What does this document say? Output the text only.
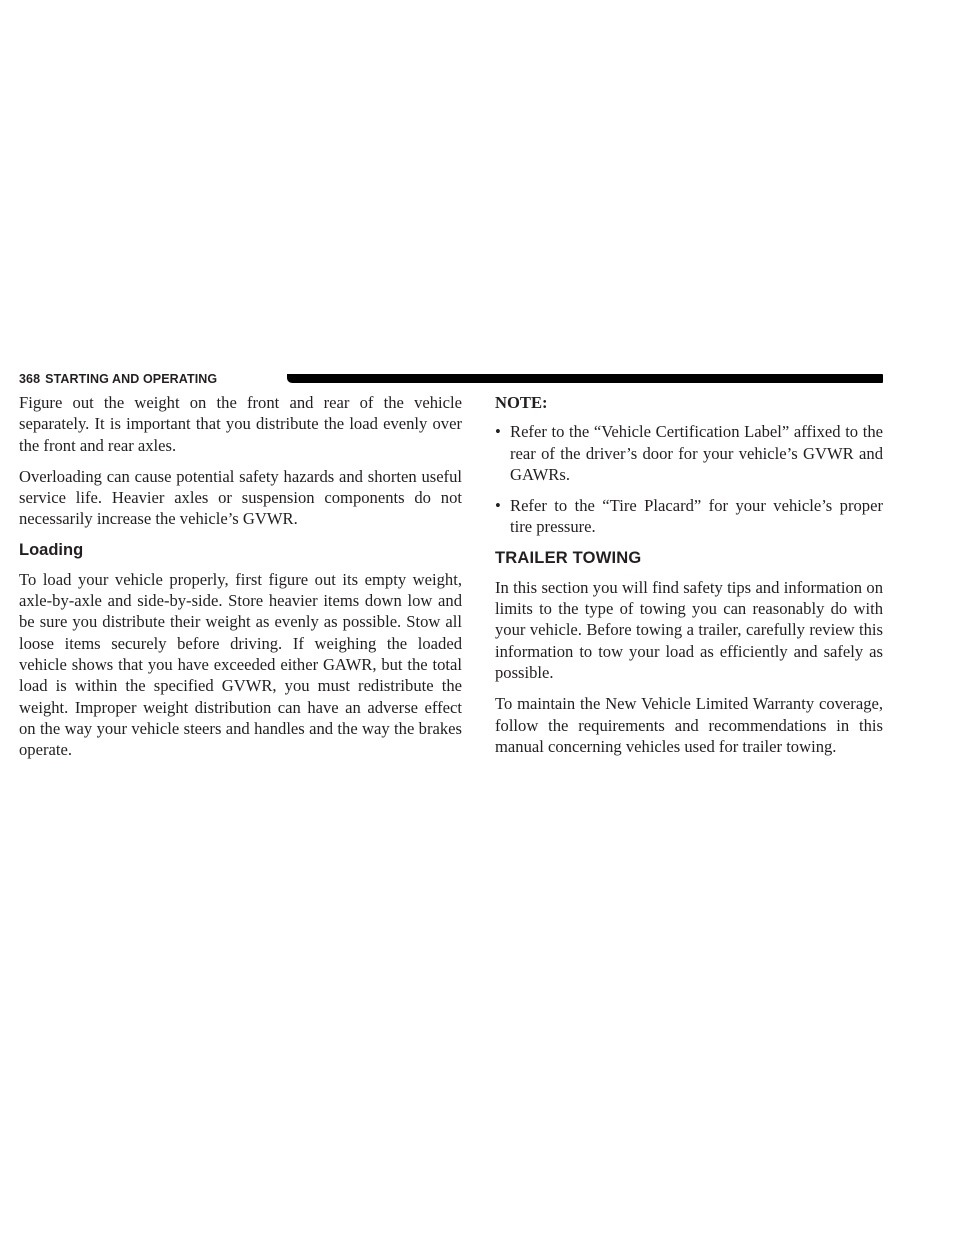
368 STARTING AND OPERATING

Figure out the weight on the front and rear of the vehicle separately. It is important that you distribute the load evenly over the front and rear axles.

Overloading can cause potential safety hazards and shorten useful service life. Heavier axles or suspension components do not necessarily increase the vehicle’s GVWR.

Loading

To load your vehicle properly, first figure out its empty weight, axle-by-axle and side-by-side. Store heavier items down low and be sure you distribute their weight as evenly as possible. Stow all loose items securely before driving. If weighing the loaded vehicle shows that you have exceeded either GAWR, but the total load is within the specified GVWR, you must redistribute the weight. Improper weight distribution can have an adverse effect on the way your vehicle steers and handles and the way the brakes operate.

NOTE:
• Refer to the “Vehicle Certification Label” affixed to the rear of the driver’s door for your vehicle’s GVWR and GAWRs.
• Refer to the “Tire Placard” for your vehicle’s proper tire pressure.
TRAILER TOWING

In this section you will find safety tips and information on limits to the type of towing you can reasonably do with your vehicle. Before towing a trailer, carefully review this information to tow your load as efficiently and safely as possible.

To maintain the New Vehicle Limited Warranty coverage, follow the requirements and recommendations in this manual concerning vehicles used for trailer towing.
